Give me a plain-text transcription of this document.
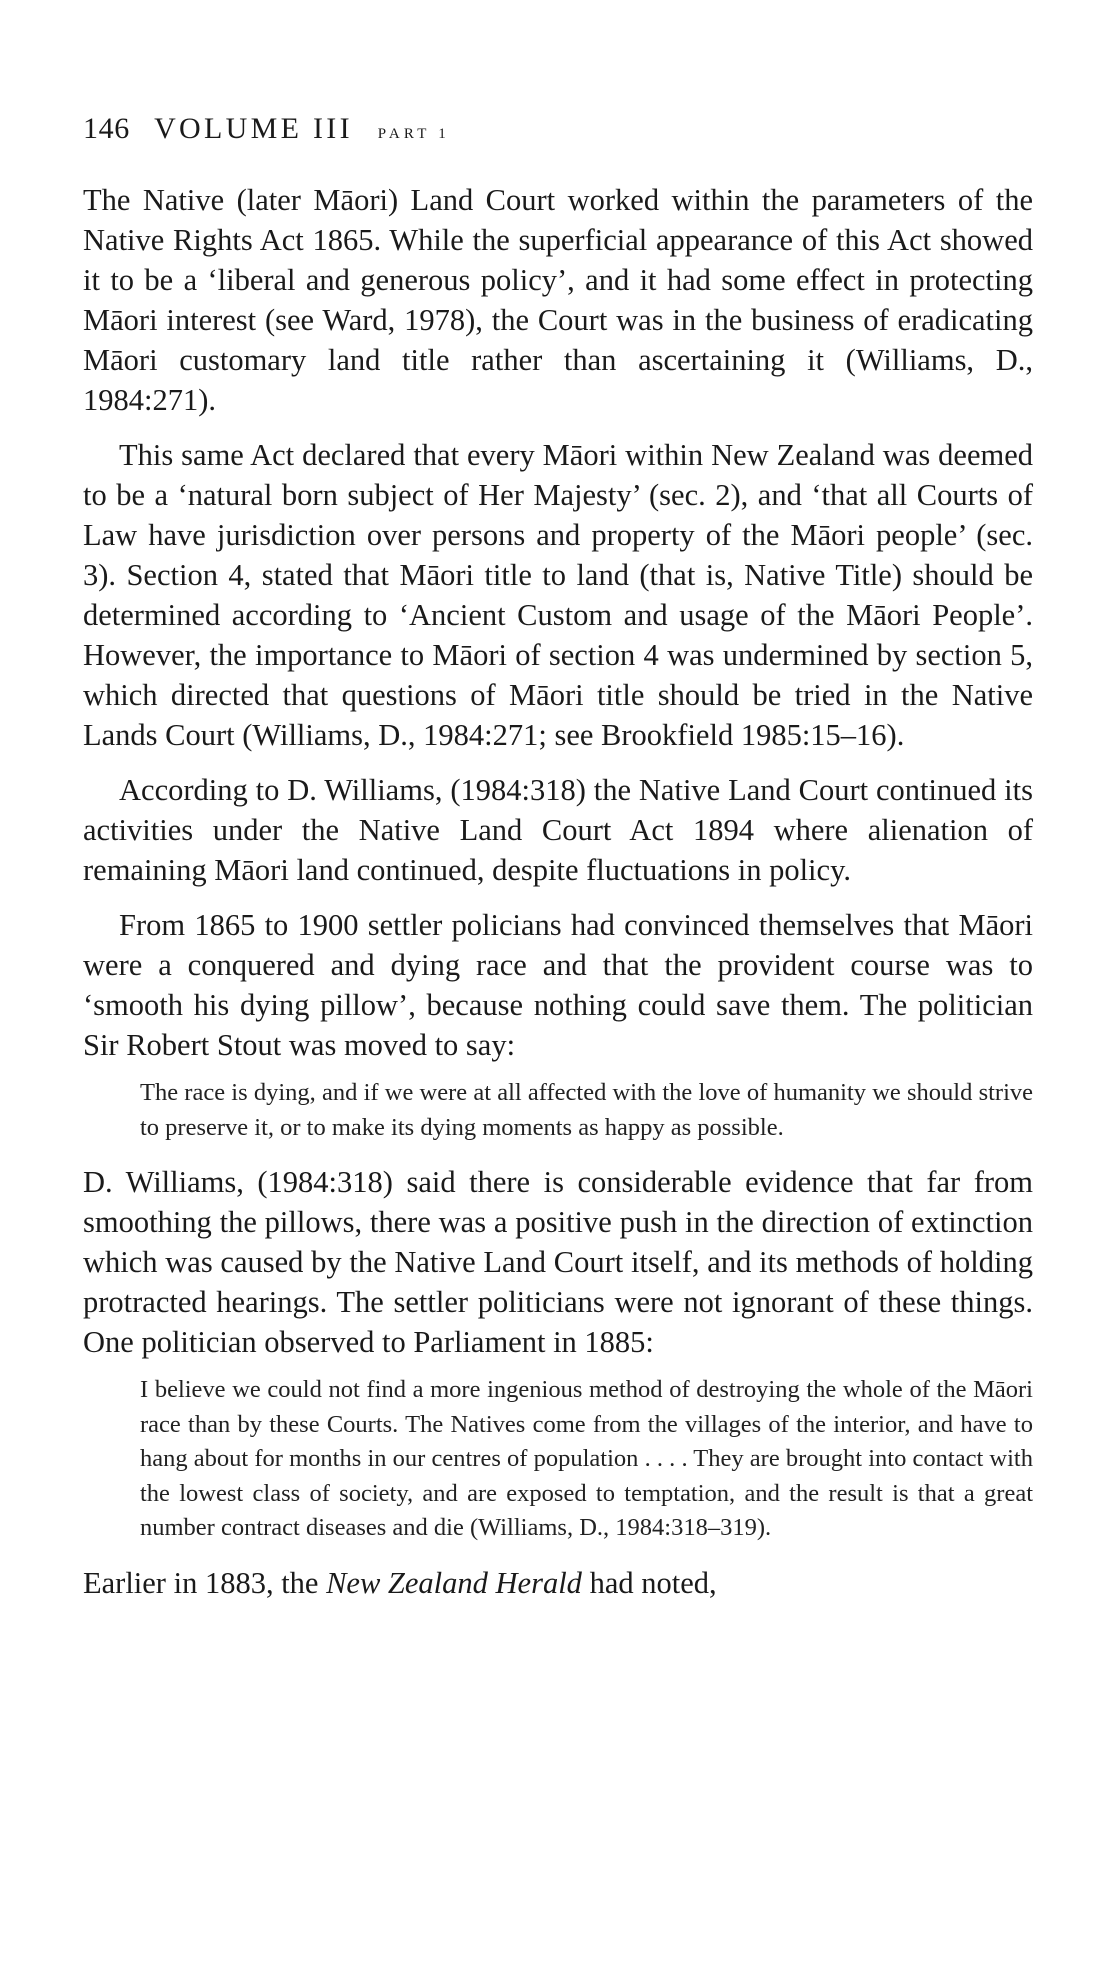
146 VOLUME III PART 1

The Native (later Māori) Land Court worked within the parameters of the Native Rights Act 1865. While the superficial appearance of this Act showed it to be a ‘liberal and generous policy’, and it had some effect in protecting Māori interest (see Ward, 1978), the Court was in the business of eradicating Māori customary land title rather than ascertaining it (Williams, D., 1984:271).

This same Act declared that every Māori within New Zealand was deemed to be a ‘natural born subject of Her Majesty’ (sec. 2), and ‘that all Courts of Law have jurisdiction over persons and property of the Māori people’ (sec. 3). Section 4, stated that Māori title to land (that is, Native Title) should be determined according to ‘Ancient Custom and usage of the Māori People’. However, the importance to Māori of section 4 was undermined by section 5, which directed that questions of Māori title should be tried in the Native Lands Court (Williams, D., 1984:271; see Brookfield 1985:15–16).

According to D. Williams, (1984:318) the Native Land Court continued its activities under the Native Land Court Act 1894 where alienation of remaining Māori land continued, despite fluctuations in policy.

From 1865 to 1900 settler policians had convinced themselves that Māori were a conquered and dying race and that the provident course was to ‘smooth his dying pillow’, because nothing could save them. The politician Sir Robert Stout was moved to say:

The race is dying, and if we were at all affected with the love of humanity we should strive to preserve it, or to make its dying moments as happy as possible.

D. Williams, (1984:318) said there is considerable evidence that far from smoothing the pillows, there was a positive push in the direction of extinction which was caused by the Native Land Court itself, and its methods of holding protracted hearings. The settler politicians were not ignorant of these things. One politician observed to Parliament in 1885:

I believe we could not find a more ingenious method of destroying the whole of the Māori race than by these Courts. The Natives come from the villages of the interior, and have to hang about for months in our centres of population . . . . They are brought into contact with the lowest class of society, and are exposed to temptation, and the result is that a great number contract diseases and die (Williams, D., 1984:318–319).

Earlier in 1883, the New Zealand Herald had noted,
